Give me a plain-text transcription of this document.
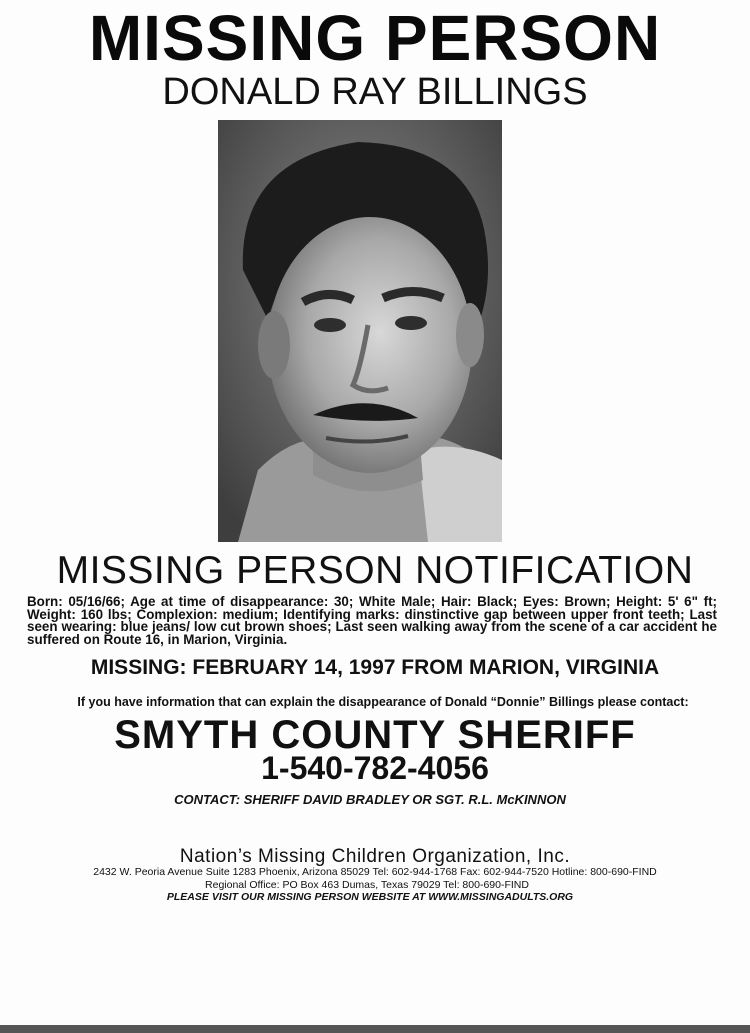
MISSING PERSON
DONALD RAY BILLINGS
MISSING PERSON NOTIFICATION
Born: 05/16/66; Age at time of disappearance: 30; White Male; Hair: Black; Eyes: Brown; Height: 5' 6" ft; Weight: 160 lbs; Complexion: medium; Identifying marks: dinstinctive gap between upper front teeth; Last seen wearing: blue jeans/ low cut brown shoes; Last seen walking away from the scene of a car accident he suffered on Route 16, in Marion, Virginia.
MISSING: FEBRUARY 14, 1997 FROM MARION, VIRGINIA
If you have information that can explain the disappearance of Donald “Donnie” Billings please contact:
SMYTH COUNTY SHERIFF
1-540-782-4056
CONTACT: SHERIFF DAVID BRADLEY OR SGT. R.L. McKINNON
Nation’s Missing Children Organization, Inc.
2432 W. Peoria Avenue Suite 1283 Phoenix, Arizona 85029 Tel: 602-944-1768 Fax: 602-944-7520 Hotline: 800-690-FIND
Regional Office: PO Box 463 Dumas, Texas 79029 Tel: 800-690-FIND
PLEASE VISIT OUR MISSING PERSON WEBSITE AT WWW.MISSINGADULTS.ORG
